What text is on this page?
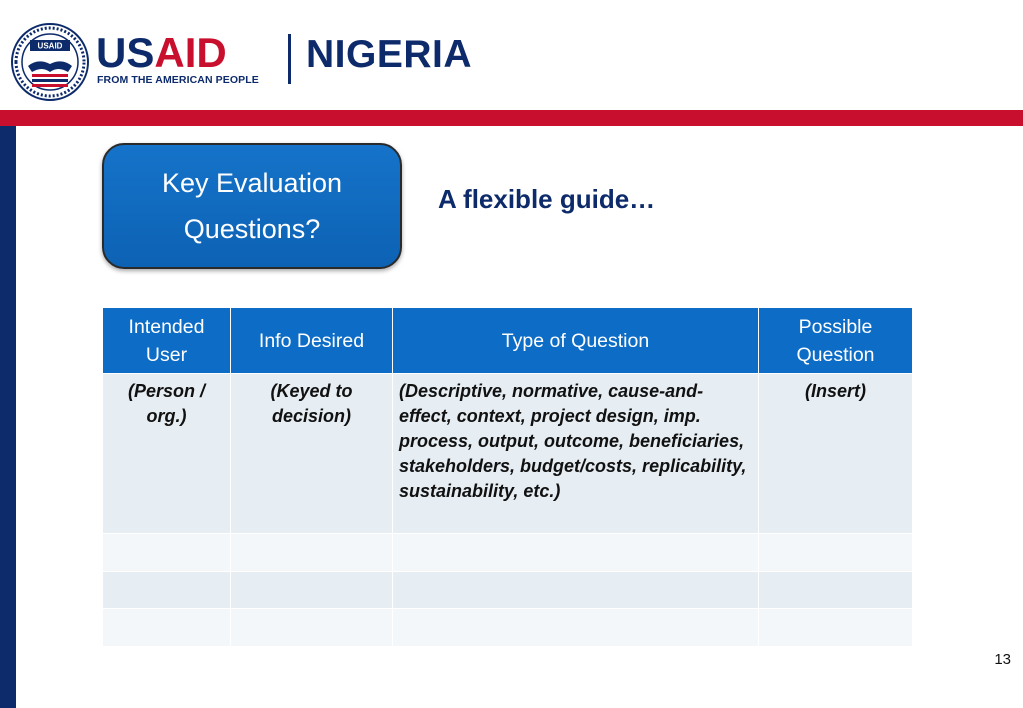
USAID USAID
FROM THE AMERICAN PEOPLE
NIGERIA
Key Evaluation Questions?
A flexible guide…
Intended User	Info Desired	Type of Question	Possible Question
(Person / org.)	(Keyed to decision)	(Descriptive, normative, cause-and-effect, context, project design, imp. process, output, outcome, beneficiaries, stakeholders, budget/costs, replicability, sustainability, etc.)	(Insert)

13
